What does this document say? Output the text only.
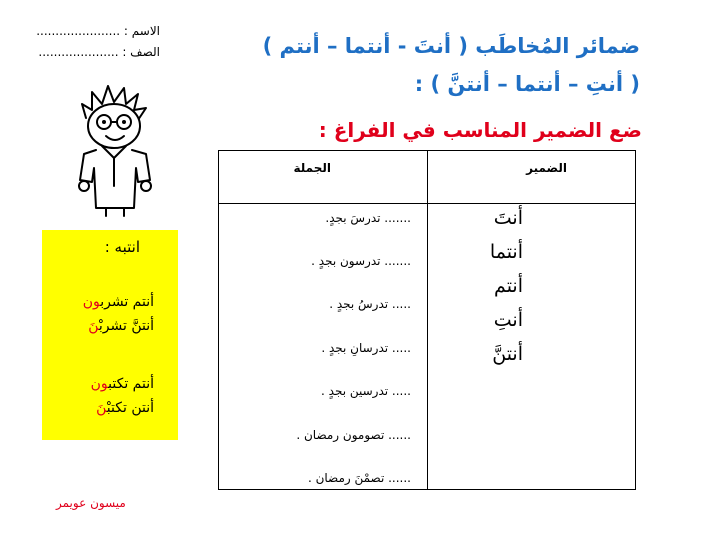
الاسم : ......................
الصف : .....................	ضمائر المُخاطَب ( أنتَ - أنتما – أنتم )
( أنتِ – أنتما – أنتنَّ ) :
ضع الضمير المناسب في الفراغ :
الجملة	الضمير
....... تدرسَ بجدٍ.
....... تدرسون بجدٍ .
..... تدرسُ بجدٍ .
..... تدرسانِ بجدٍ .
..... تدرسين بجدٍ .
...... تصومون رمضان .
...... تصمْنَ رمضان .
أنتَ
أنتما
أنتم
أنتِ
أنتنَّ
انتبه :
أنتم تشربون
أنتنَّ تشربْنَ
أنتم تكتبون
أنتن تكتبْنَ
ميسون عويمر
